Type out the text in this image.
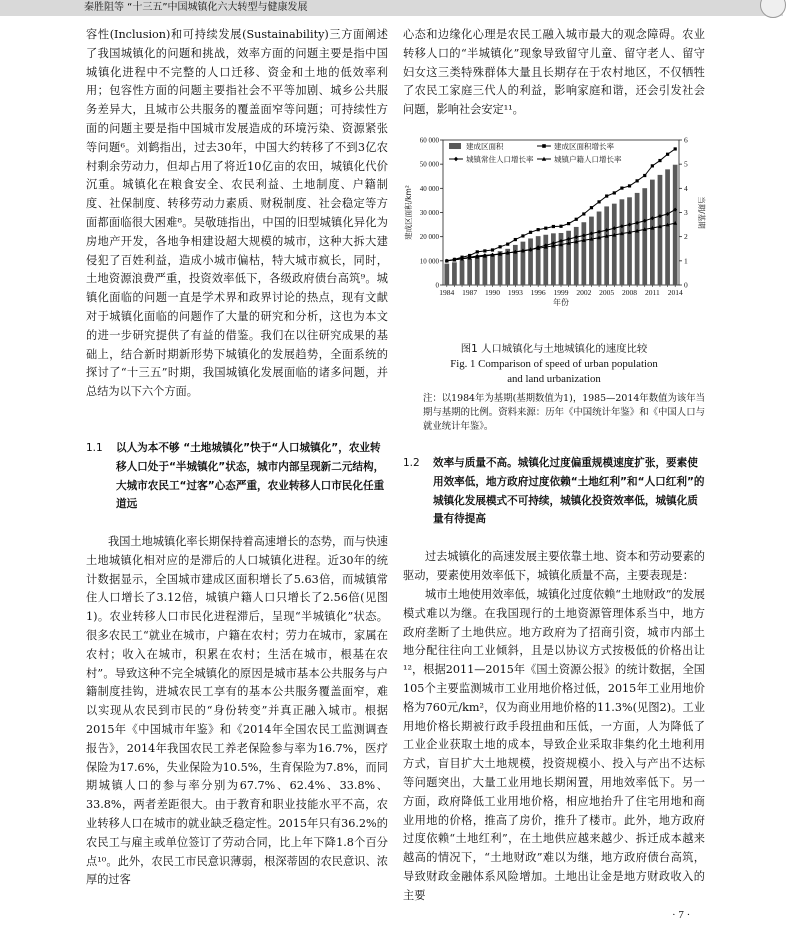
秦胜阻等 “十三五”中国城镇化六大转型与健康发展

容性(Inclusion)和可持续发展(Sustainability)三方面阐述了我国城镇化的问题和挑战，效率方面的问题主要是指中国城镇化进程中不完整的人口迁移、资金和土地的低效率利用；包容性方面的问题主要指社会不平等加剧、城乡公共服务差异大，且城市公共服务的覆盖面窄等问题；可持续性方面的问题主要是指中国城市发展造成的环境污染、资源紧张等问题⁶。刘鹤指出，过去30年，中国大约转移了不到3亿农村剩余劳动力，但却占用了将近10亿亩的农田，城镇化代价沉重。城镇化在粮食安全、农民利益、土地制度、户籍制度、社保制度、转移劳动力素质、财税制度、社会稳定等方面都面临很大困难⁸。吴敬琏指出，中国的旧型城镇化异化为房地产开发，各地争相建设超大规模的城市，这种大拆大建侵犯了百姓利益，造成小城市偏枯，特大城市疯长，同时，土地资源浪费严重，投资效率低下，各级政府债台高筑⁹。城镇化面临的问题一直是学术界和政界讨论的热点，现有文献对于城镇化面临的问题作了大量的研究和分析，这也为本文的进一步研究提供了有益的借鉴。我们在以往研究成果的基础上，结合新时期新形势下城镇化的发展趋势，全面系统的探讨了“十三五”时期，我国城镇化发展面临的诸多问题，并总结为以下六个方面。

1.1 以人为本不够 “土地城镇化”快于“人口城镇化”，农业转移人口处于“半城镇化”状态，城市内部呈现新二元结构，大城市农民工“过客”心态严重，农业转移人口市民化任重道远

我国土地城镇化率长期保持着高速增长的态势，而与快速土地城镇化相对应的是滞后的人口城镇化进程。近30年的统计数据显示，全国城市建成区面积增长了5.63倍，而城镇常住人口增长了3.12倍，城镇户籍人口只增长了2.56倍(见图1)。农业转移人口市民化进程滞后，呈现“半城镇化”状态。很多农民工“就业在城市，户籍在农村；劳力在城市，家属在农村；收入在城市，积累在农村；生活在城市，根基在农村”。导致这种不完全城镇化的原因是城市基本公共服务与户籍制度挂钩，进城农民工享有的基本公共服务覆盖面窄，难以实现从农民到市民的“身份转变”并真正融入城市。根据2015年《中国城市年鉴》和《2014年全国农民工监测调查报告》，2014年我国农民工养老保险参与率为16.7%，医疗保险为17.6%，失业保险为10.5%，生育保险为7.8%，而同期城镇人口的参与率分别为67.7%、62.4%、33.8%、33.8%，两者差距很大。由于教育和职业技能水平不高，农业转移人口在城市的就业缺乏稳定性。2015年只有36.2%的农民工与雇主或单位签订了劳动合同，比上年下降1.8个百分点¹⁰。此外，农民工市民意识薄弱，根深蒂固的农民意识、浓厚的过客

心态和边缘化心理是农民工融入城市最大的观念障碍。农业转移人口的“半城镇化”现象导致留守儿童、留守老人、留守妇女这三类特殊群体大量且长期存在于农村地区，不仅牺牲了农民工家庭三代人的利益，影响家庭和谐，还会引发社会问题，影响社会安定¹¹。

0
10 000
20 000
30 000
40 000
50 000
60 000
0
1
2
3
4
5
6
1984 1987 1990 1993 1996 1999 2002 2005 2008 2011 2014
年份
建成区面积/km²	当期/基期
建成区面积	建成区面积增长率
城镇常住人口增长率	城镇户籍人口增长率
图1 人口城镇化与土地城镇化的速度比较
Fig. 1 Comparison of speed of urban population and land urbanization
注：以1984年为基期(基期数值为1)，1985—2014年数值为该年当期与基期的比例。资料来源：历年《中国统计年鉴》和《中国人口与就业统计年鉴》。
1.2 效率与质量不高。城镇化过度偏重规模速度扩张，要素使用效率低，地方政府过度依赖“土地红利”和“人口红利”的城镇化发展模式不可持续，城镇化投资效率低，城镇化质量有待提高

过去城镇化的高速发展主要依靠土地、资本和劳动要素的驱动，要素使用效率低下，城镇化质量不高，主要表现是：

城市土地使用效率低，城镇化过度依赖“土地财政”的发展模式难以为继。在我国现行的土地资源管理体系当中，地方政府垄断了土地供应。地方政府为了招商引资，城市内部土地分配往往向工业倾斜，且是以协议方式按极低的价格出让¹²，根据2011—2015年《国土资源公报》的统计数据，全国105个主要监测城市工业用地价格过低，2015年工业用地价格为760元/km²，仅为商业用地价格的11.3%(见图2)。工业用地价格长期被行政手段扭曲和压低，一方面，人为降低了工业企业获取土地的成本，导致企业采取非集约化土地利用方式，盲目扩大土地规模，投资规模小、投入与产出不达标等问题突出，大量工业用地长期闲置，用地效率低下。另一方面，政府降低工业用地价格，相应地抬升了住宅用地和商业用地的价格，推高了房价，推升了楼市。此外，地方政府过度依赖“土地红利”，在土地供应越来越少、拆迁成本越来越高的情况下，“土地财政”难以为继，地方政府债台高筑，导致财政金融体系风险增加。土地出让金是地方财政收入的主要

· 7 ·
